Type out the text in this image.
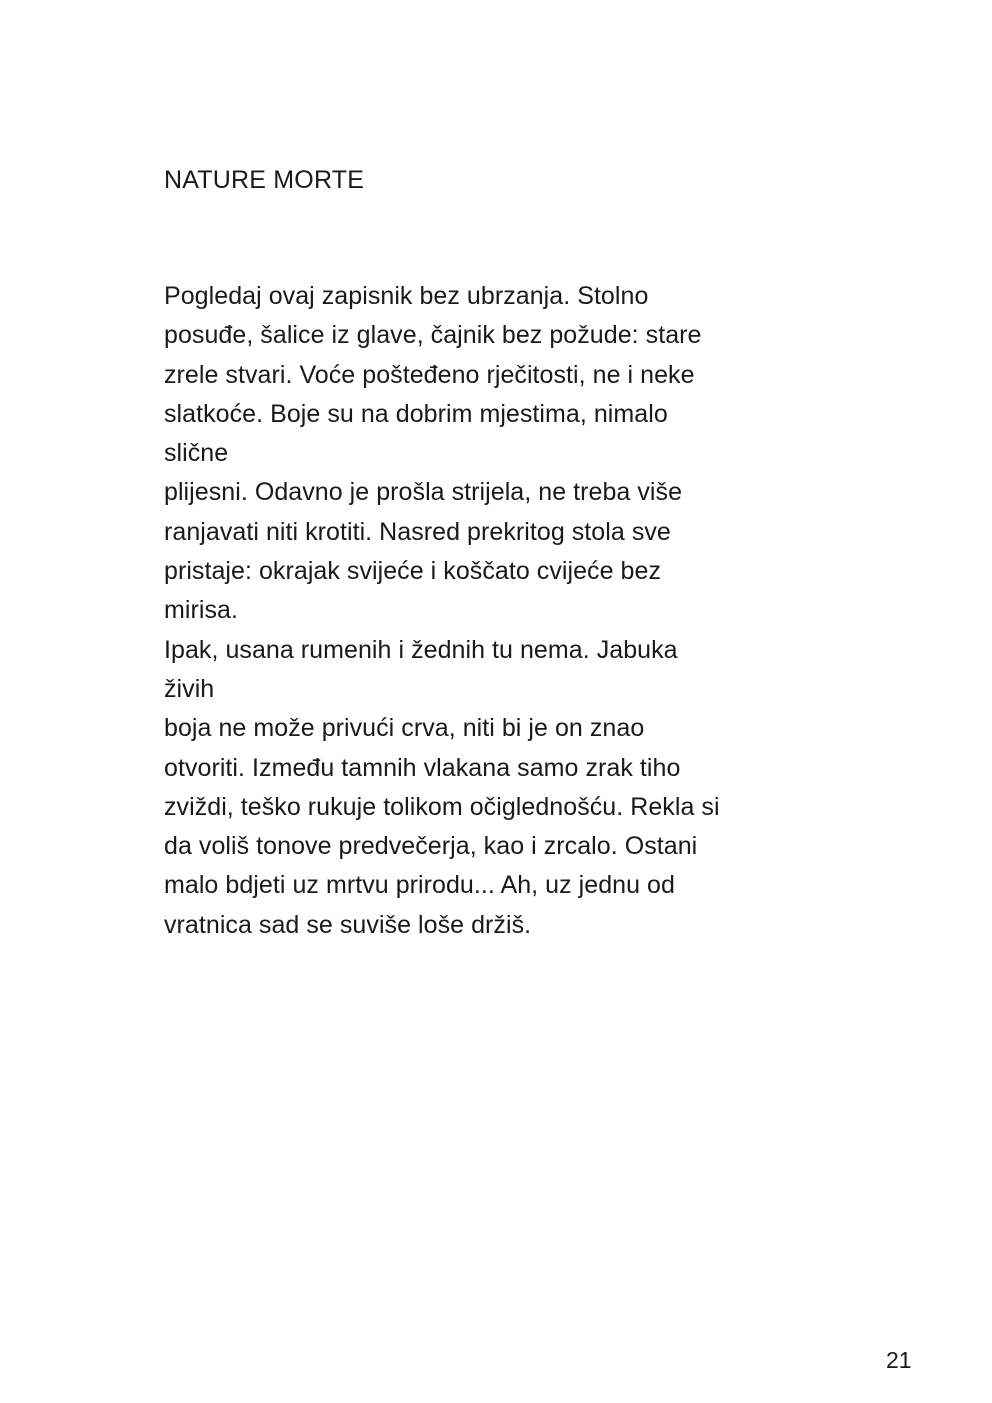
NATURE MORTE
Pogledaj ovaj zapisnik bez ubrzanja. Stolno
posuđe, šalice iz glave, čajnik bez požude: stare
zrele stvari. Voće pošteđeno rječitosti, ne i neke
slatkoće. Boje su na dobrim mjestima, nimalo
slične
plijesni. Odavno je prošla strijela, ne treba više
ranjavati niti krotiti. Nasred prekritog stola sve
pristaje: okrajak svijeće i koščato cvijeće bez
mirisa.
Ipak, usana rumenih i žednih tu nema. Jabuka
živih
boja ne može privući crva, niti bi je on znao
otvoriti. Između tamnih vlakana samo zrak tiho
zviždi, teško rukuje tolikom očiglednošću. Rekla si
da voliš tonove predvečerja, kao i zrcalo. Ostani
malo bdjeti uz mrtvu prirodu... Ah, uz jednu od
vratnica sad se suviše loše držiš.
21
